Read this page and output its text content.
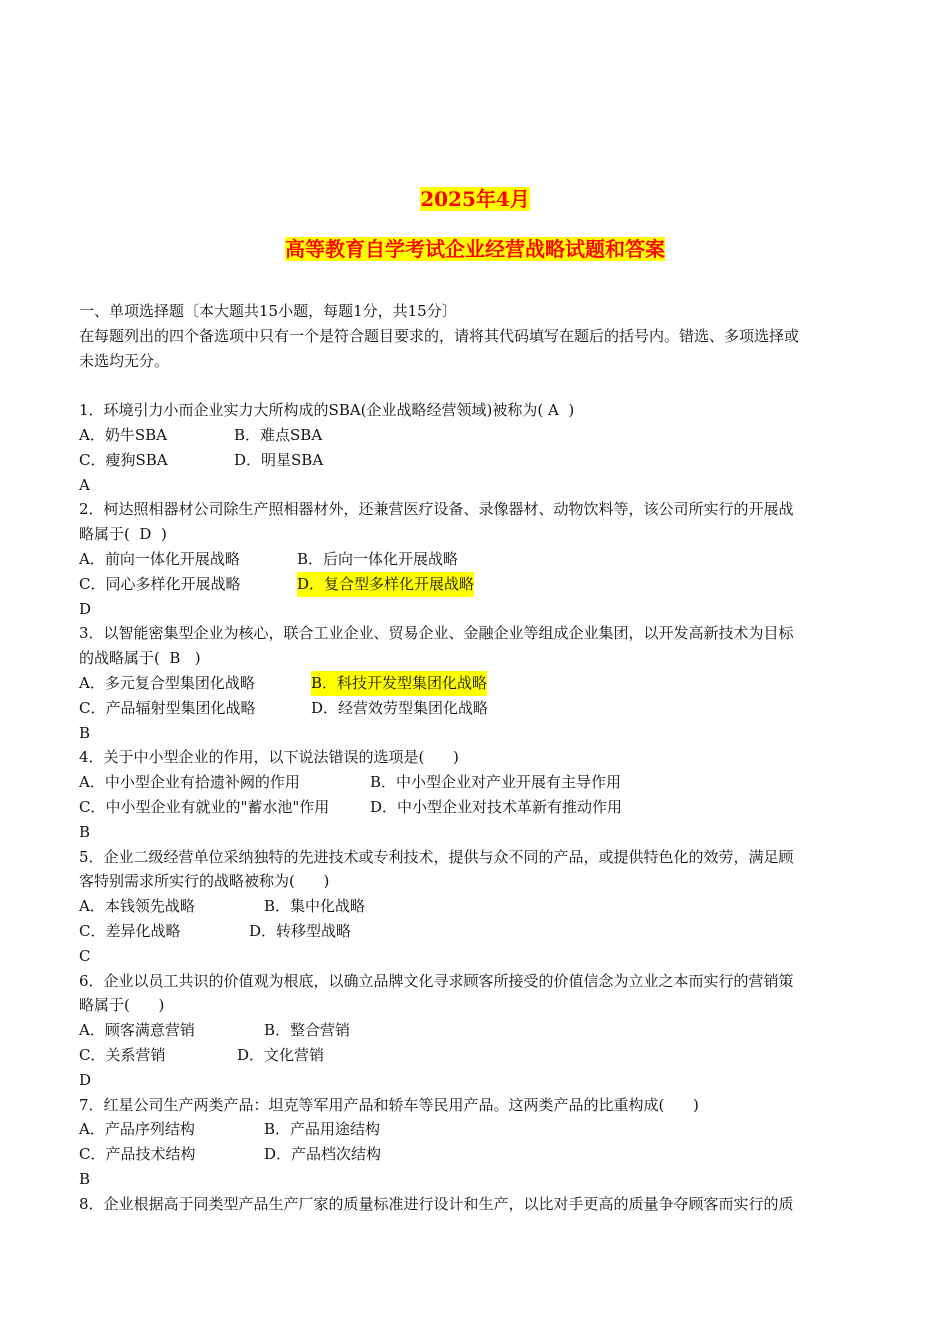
2025年4月
高等教育自学考试企业经营战略试题和答案
一、单项选择题〔本大题共15小题，每题1分，共15分〕
在每题列出的四个备选项中只有一个是符合题目要求的，请将其代码填写在题后的括号内。错选、多项选择或
未选均无分。
1．环境引力小而企业实力大所构成的SBA(企业战略经营领域)被称为( A  )
A．奶牛SBA	B．难点SBA
C．瘦狗SBA	D．明星SBA
A
2．柯达照相器材公司除生产照相器材外，还兼营医疗设备、录像器材、动物饮料等，该公司所实行的开展战
略属于(  D  )
A．前向一体化开展战略	B．后向一体化开展战略
C．同心多样化开展战略	D．复合型多样化开展战略
D
3．以智能密集型企业为核心，联合工业企业、贸易企业、金融企业等组成企业集团，以开发高新技术为目标
的战略属于(  B   )
A．多元复合型集团化战略	B．科技开发型集团化战略
C．产品辐射型集团化战略	D．经营效劳型集团化战略
B
4．关于中小型企业的作用，以下说法错误的选项是(      )
A．中小型企业有拾遗补阙的作用	B．中小型企业对产业开展有主导作用
C．中小型企业有就业的"蓄水池"作用	D．中小型企业对技术革新有推动作用
B
5．企业二级经营单位采纳独特的先进技术或专利技术，提供与众不同的产品，或提供特色化的效劳，满足顾
客特别需求所实行的战略被称为(      )
A．本钱领先战略	B．集中化战略
C．差异化战略	D．转移型战略
C
6．企业以员工共识的价值观为根底，以确立品牌文化寻求顾客所接受的价值信念为立业之本而实行的营销策
略属于(      )
A．顾客满意营销	B．整合营销
C．关系营销	D．文化营销
D
7．红星公司生产两类产品：坦克等军用产品和轿车等民用产品。这两类产品的比重构成(      )
A．产品序列结构	B．产品用途结构
C．产品技术结构	D．产品档次结构
B
8．企业根据高于同类型产品生产厂家的质量标准进行设计和生产，以比对手更高的质量争夺顾客而实行的质
